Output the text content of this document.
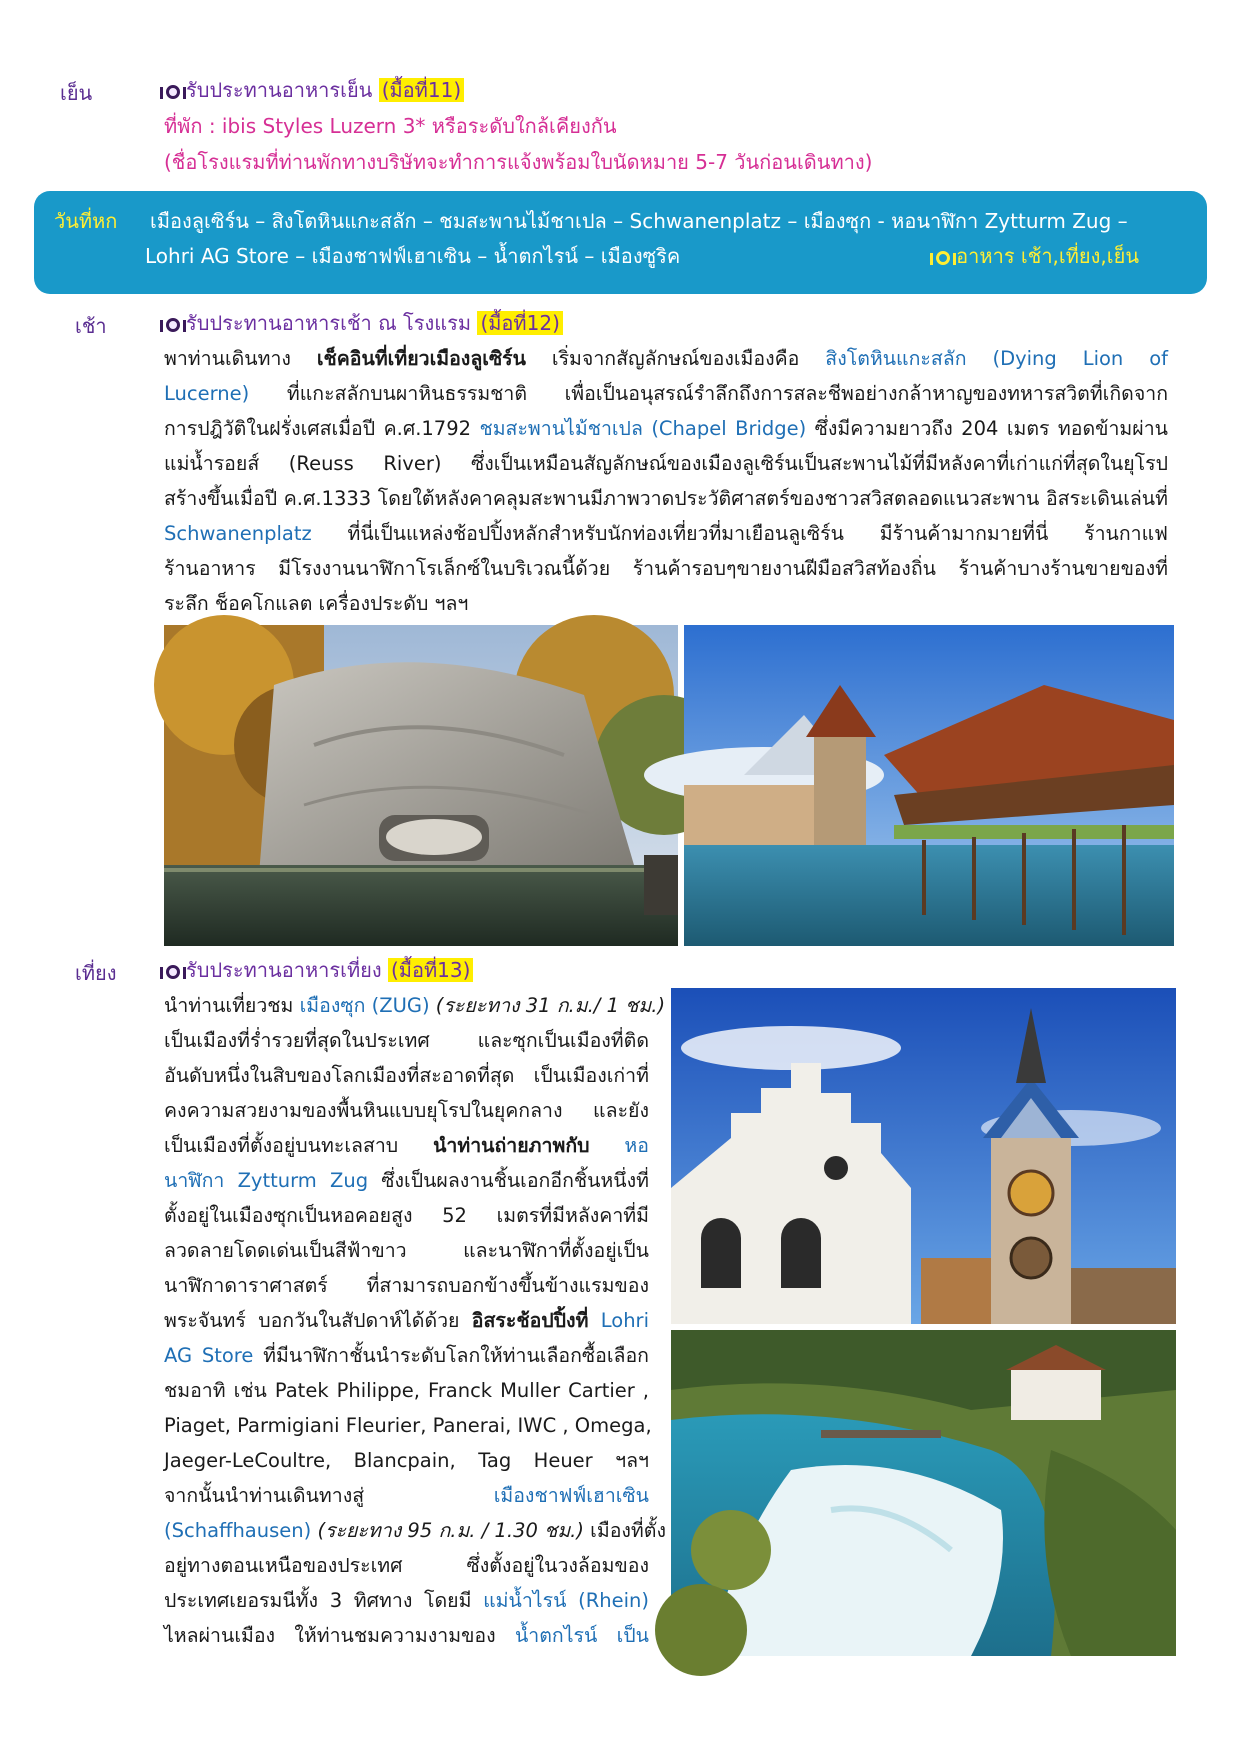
เย็น	รับประทานอาหารเย็น (มื้อที่11)
ที่พัก : ibis Styles Luzern 3* หรือระดับใกล้เคียงกัน
(ชื่อโรงแรมที่ท่านพักทางบริษัทจะทำการแจ้งพร้อมใบนัดหมาย 5-7 วันก่อนเดินทาง)
วันที่หก เมืองลูเซิร์น – สิงโตหินแกะสลัก – ชมสะพานไม้ชาเปล – Schwanenplatz – เมืองซุก - หอนาฬิกา Zytturm Zug –
Lohri AG Store – เมืองชาฟฟ์เฮาเซิน – น้ำตกไรน์ – เมืองซูริค	อาหาร เช้า,เที่ยง,เย็น
เช้า	รับประทานอาหารเช้า ณ โรงแรม (มื้อที่12)
พาท่านเดินทาง เช็คอินที่เที่ยวเมืองลูเซิร์น เริ่มจากสัญลักษณ์ของเมืองคือ สิงโตหินแกะสลัก (Dying Lion of
Lucerne) ที่แกะสลักบนผาหินธรรมชาติ เพื่อเป็นอนุสรณ์รำลึกถึงการสละชีพอย่างกล้าหาญของทหารสวิตที่เกิดจาก
การปฎิวัติในฝรั่งเศสเมื่อปี ค.ศ.1792 ชมสะพานไม้ชาเปล (Chapel Bridge) ซึ่งมีความยาวถึง 204 เมตร ทอดข้ามผ่าน
แม่น้ำรอยส์ (Reuss River) ซึ่งเป็นเหมือนสัญลักษณ์ของเมืองลูเซิร์นเป็นสะพานไม้ที่มีหลังคาที่เก่าแก่ที่สุดในยุโรป
สร้างขึ้นเมื่อปี ค.ศ.1333 โดยใต้หลังคาคลุมสะพานมีภาพวาดประวัติศาสตร์ของชาวสวิสตลอดแนวสะพาน อิสระเดินเล่นที่
Schwanenplatz ที่นี่เป็นแหล่งช้อปปิ้งหลักสำหรับนักท่องเที่ยวที่มาเยือนลูเซิร์น มีร้านค้ามากมายที่นี่ ร้านกาแฟ
ร้านอาหาร มีโรงงานนาฬิกาโรเล็กซ์ในบริเวณนี้ด้วย ร้านค้ารอบๆขายงานฝีมือสวิสท้องถิ่น ร้านค้าบางร้านขายของที่
ระลึก ช็อคโกแลต เครื่องประดับ ฯลฯ
เที่ยง	รับประทานอาหารเที่ยง (มื้อที่13)
นำท่านเที่ยวชม เมืองซุก (ZUG) (ระยะทาง 31 ก.ม./ 1 ชม.)
เป็นเมืองที่ร่ำรวยที่สุดในประเทศ และซุกเป็นเมืองที่ติด
อันดับหนึ่งในสิบของโลกเมืองที่สะอาดที่สุด เป็นเมืองเก่าที่
คงความสวยงามของพื้นหินแบบยุโรปในยุคกลาง และยัง
เป็นเมืองที่ตั้งอยู่บนทะเลสาบ นำท่านถ่ายภาพกับ หอ
นาฬิกา Zytturm Zug ซึ่งเป็นผลงานชิ้นเอกอีกชิ้นหนึ่งที่
ตั้งอยู่ในเมืองซุกเป็นหอคอยสูง 52 เมตรที่มีหลังคาที่มี
ลวดลายโดดเด่นเป็นสีฟ้าขาว และนาฬิกาที่ตั้งอยู่เป็น
นาฬิกาดาราศาสตร์ ที่สามารถบอกข้างขึ้นข้างแรมของ
พระจันทร์ บอกวันในสัปดาห์ได้ด้วย อิสระช้อปปิ้งที่ Lohri
AG Store ที่มีนาฬิกาชั้นนำระดับโลกให้ท่านเลือกซื้อเลือก
ชมอาทิ เช่น Patek Philippe, Franck Muller Cartier ,
Piaget, Parmigiani Fleurier, Panerai, IWC , Omega,
Jaeger-LeCoultre, Blancpain, Tag Heuer ฯลฯ
จากนั้นนำท่านเดินทางสู่ เมืองชาฟฟ์เฮาเซิน
(Schaffhausen) (ระยะทาง 95 ก.ม. / 1.30 ชม.) เมืองที่ตั้ง
อยู่ทางตอนเหนือของประเทศ ซึ่งตั้งอยู่ในวงล้อมของ
ประเทศเยอรมนีทั้ง 3 ทิศทาง โดยมี แม่น้ำไรน์ (Rhein)
ไหลผ่านเมือง ให้ท่านชมความงามของ น้ำตกไรน์ เป็น
